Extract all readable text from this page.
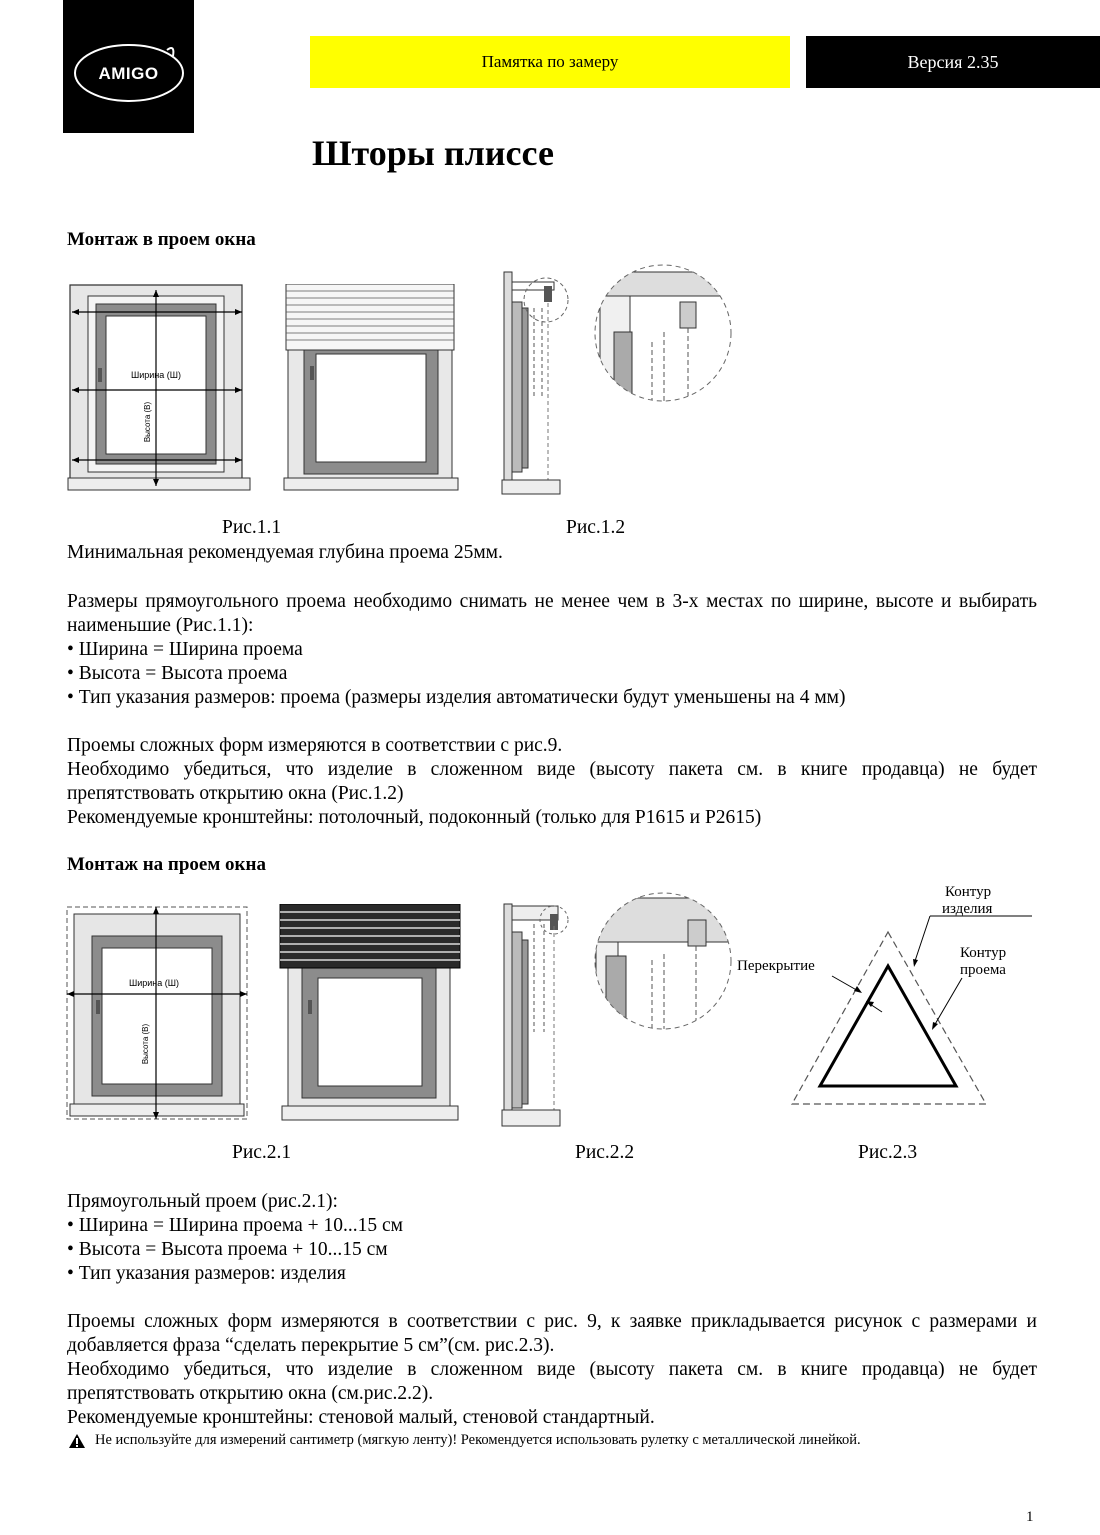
AMIGO
Памятка по замеру	Версия 2.35
Шторы плиссе
Монтаж в проем окна
Ширина (Ш)
Высота (В)
Рис.1.1	Рис.1.2
Минимальная рекомендуемая глубина проема 25мм.
Размеры прямоугольного проема необходимо снимать не менее чем в 3-х местах по ширине, высоте и выбирать наименьшие (Рис.1.1):

• Ширина = Ширина проема

• Высота = Высота проема

• Тип указания размеров: проема (размеры изделия автоматически будут уменьшены на 4 мм)

Проемы сложных форм измеряются в соответствии с рис.9.
Необходимо убедиться, что изделие в сложенном виде (высоту пакета см. в книге продавца) не будет препятствовать открытию окна (Рис.1.2)
Рекомендуемые кронштейны: потолочный, подоконный (только для P1615 и P2615)
Монтаж на проем окна
Ширина (Ш)
Высота (В)
Перекрытие
Контур
изделия
Контур
проема
Рис.2.1	Рис.2.2	Рис.2.3
Прямоугольный проем (рис.2.1):

• Ширина = Ширина проема + 10...15 см

• Высота = Высота проема + 10...15 см

• Тип указания размеров: изделия

Проемы сложных форм измеряются в соответствии с рис. 9, к заявке прикладывается рисунок с размерами и добавляется фраза “сделать перекрытие 5 см”(см. рис.2.3).
Необходимо убедиться, что изделие в сложенном виде (высоту пакета см. в книге продавца) не будет препятствовать открытию окна (см.рис.2.2).
Рекомендуемые кронштейны: стеновой малый, стеновой стандартный.
Не используйте для измерений сантиметр (мягкую ленту)! Рекомендуется использовать рулетку с металлической линейкой.
1
